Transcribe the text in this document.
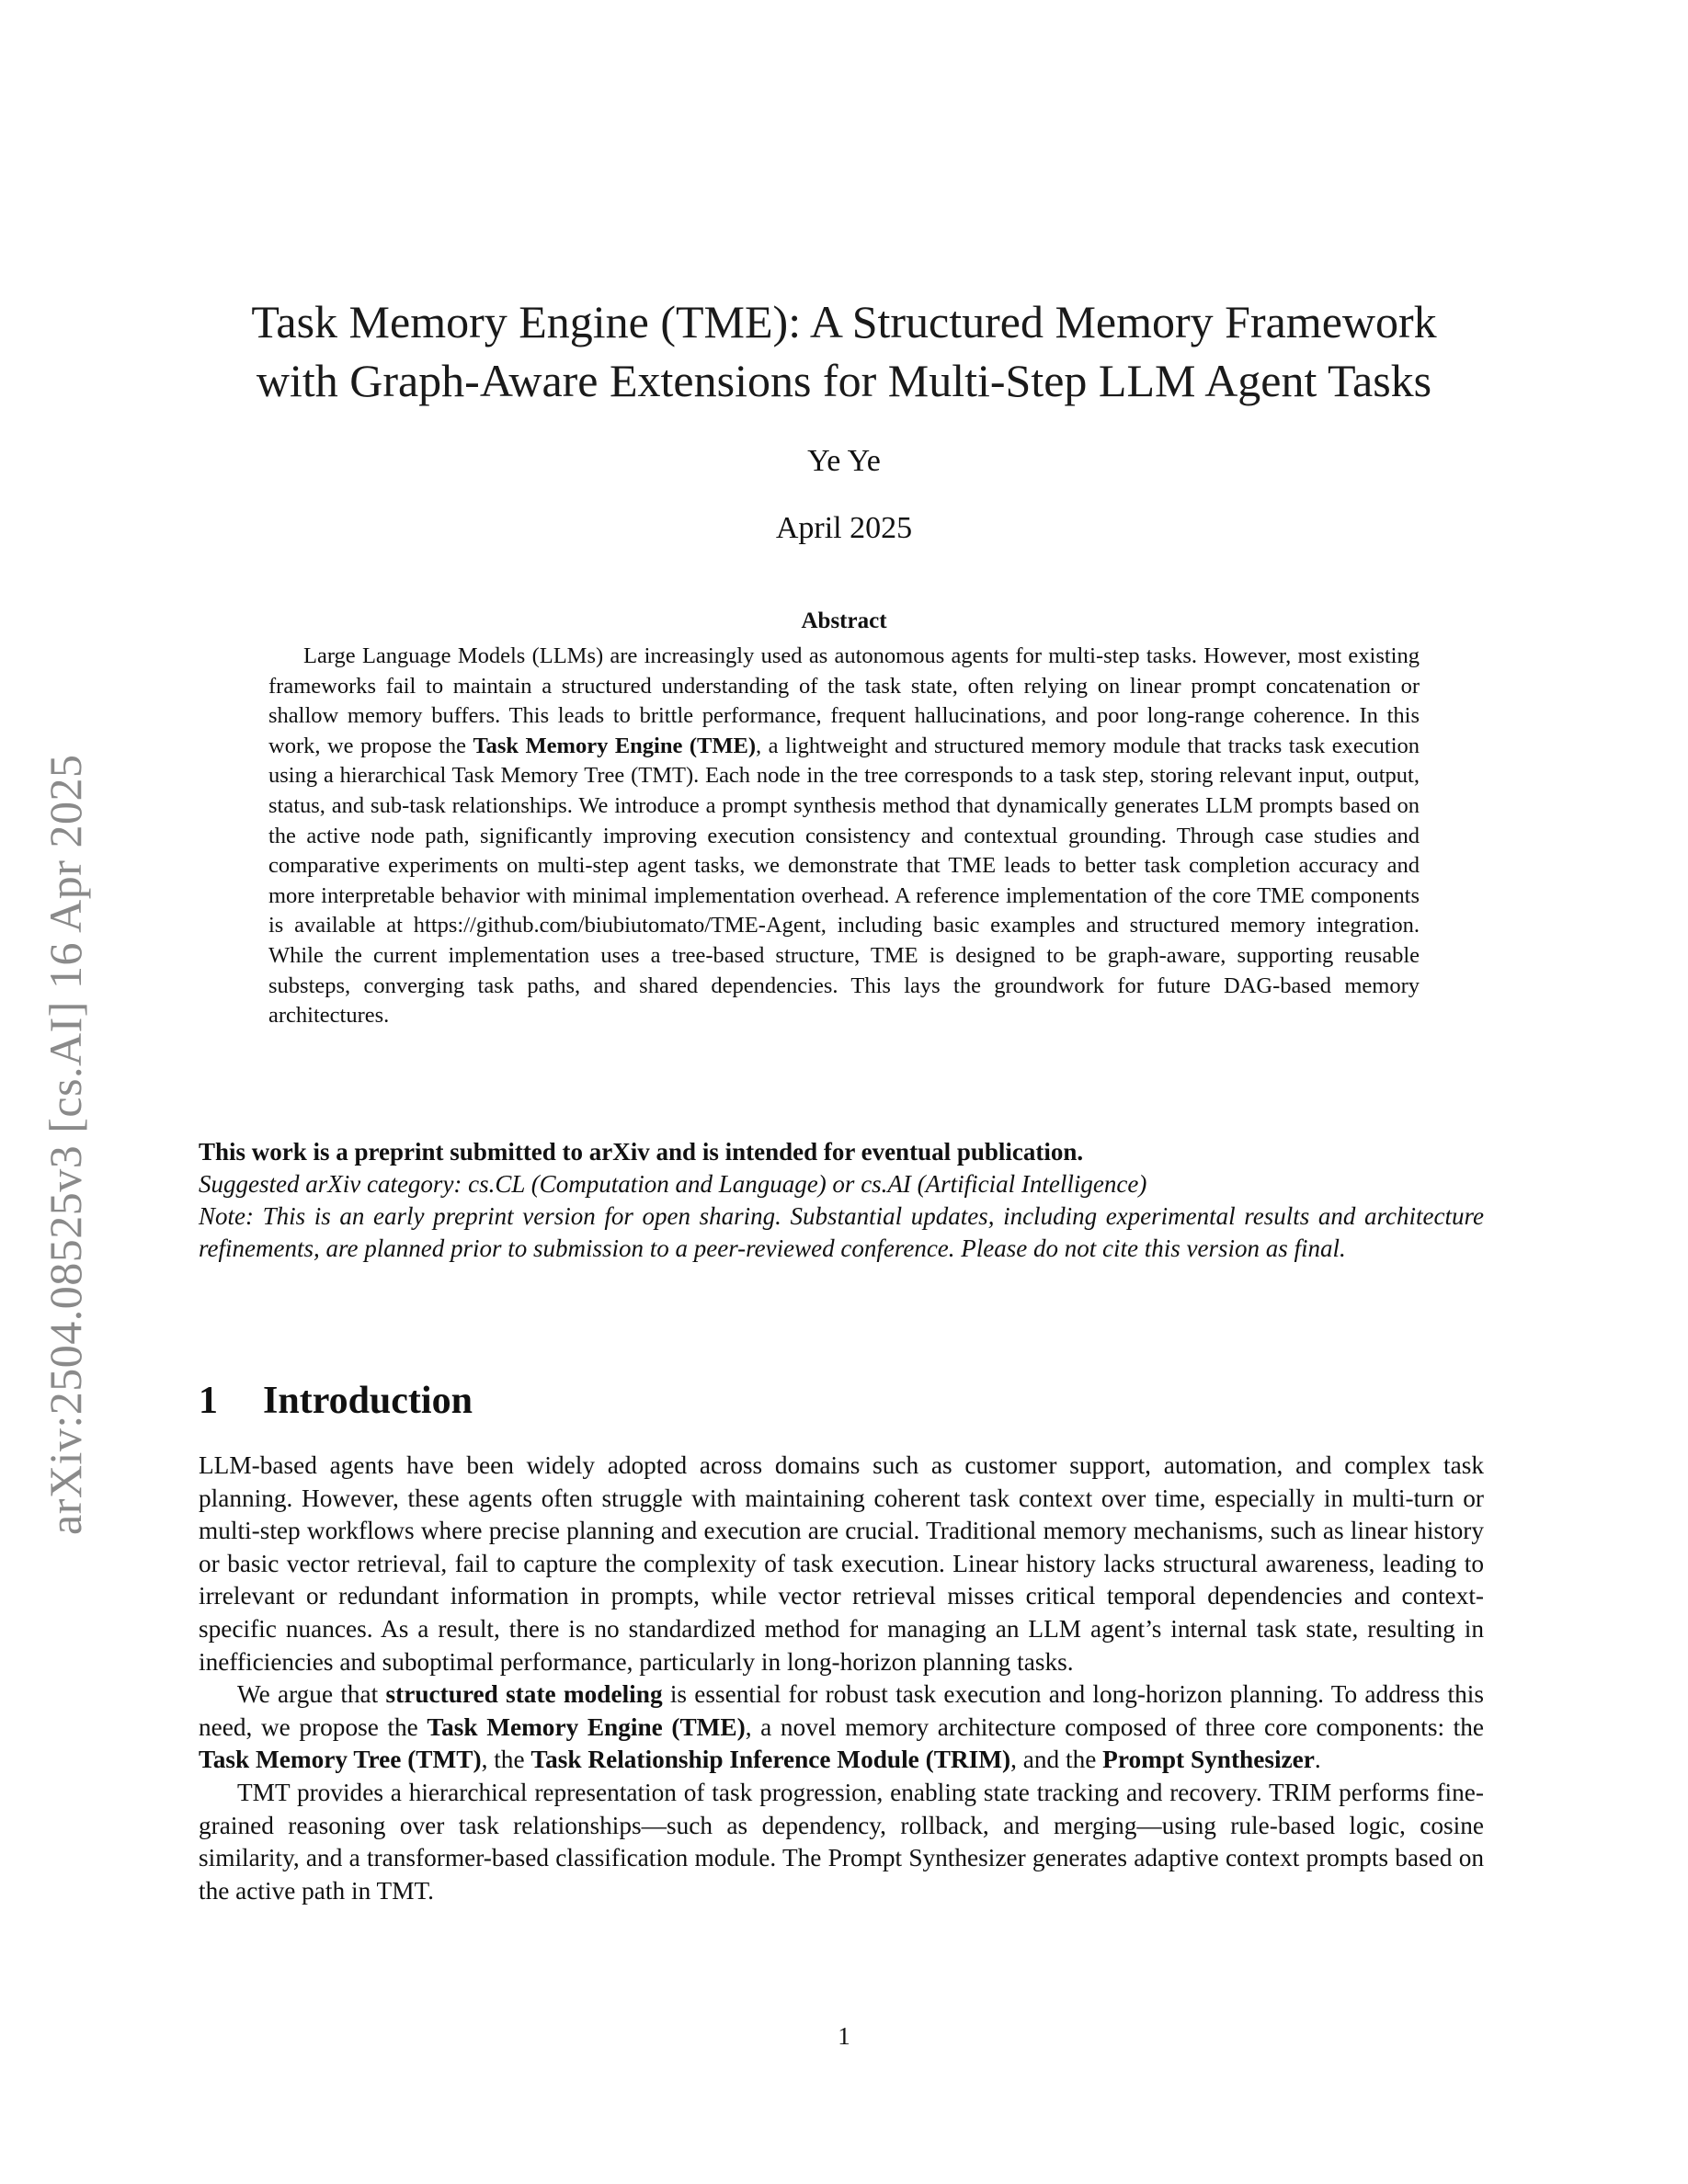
arXiv:2504.08525v3 [cs.AI] 16 Apr 2025
Task Memory Engine (TME): A Structured Memory Framework
with Graph-Aware Extensions for Multi-Step LLM Agent Tasks
Ye Ye
April 2025
Abstract
Large Language Models (LLMs) are increasingly used as autonomous agents for multi-step tasks. However, most existing frameworks fail to maintain a structured understanding of the task state, often relying on linear prompt concatenation or shallow memory buffers. This leads to brittle performance, frequent hallucinations, and poor long-range coherence. In this work, we propose the Task Memory Engine (TME), a lightweight and structured memory module that tracks task execution using a hierarchical Task Memory Tree (TMT). Each node in the tree corresponds to a task step, storing relevant input, output, status, and sub-task relationships. We introduce a prompt synthesis method that dynamically generates LLM prompts based on the active node path, significantly improving execution consistency and contextual grounding. Through case studies and comparative experiments on multi-step agent tasks, we demonstrate that TME leads to better task completion accuracy and more interpretable behavior with minimal implementation overhead. A reference implementation of the core TME components is available at https://github.com/biubiutomato/TME-Agent, including basic examples and structured memory integration. While the current implementation uses a tree-based structure, TME is designed to be graph-aware, supporting reusable substeps, converging task paths, and shared dependencies. This lays the groundwork for future DAG-based memory architectures.
This work is a preprint submitted to arXiv and is intended for eventual publication.
Suggested arXiv category: cs.CL (Computation and Language) or cs.AI (Artificial Intelligence)
Note: This is an early preprint version for open sharing. Substantial updates, including experimental results and architecture refinements, are planned prior to submission to a peer-reviewed conference. Please do not cite this version as final.
1 Introduction

LLM-based agents have been widely adopted across domains such as customer support, automation, and complex task planning. However, these agents often struggle with maintaining coherent task context over time, especially in multi-turn or multi-step workflows where precise planning and execution are crucial. Traditional memory mechanisms, such as linear history or basic vector retrieval, fail to capture the complexity of task execution. Linear history lacks structural awareness, leading to irrelevant or redundant information in prompts, while vector retrieval misses critical temporal dependencies and context-specific nuances. As a result, there is no standardized method for managing an LLM agent’s internal task state, resulting in inefficiencies and suboptimal performance, particularly in long-horizon planning tasks.

We argue that structured state modeling is essential for robust task execution and long-horizon planning. To address this need, we propose the Task Memory Engine (TME), a novel memory architecture composed of three core components: the Task Memory Tree (TMT), the Task Relationship Inference Module (TRIM), and the Prompt Synthesizer.

TMT provides a hierarchical representation of task progression, enabling state tracking and recovery. TRIM performs fine-grained reasoning over task relationships—such as dependency, rollback, and merging—using rule-based logic, cosine similarity, and a transformer-based classification module. The Prompt Synthesizer generates adaptive context prompts based on the active path in TMT.

1
